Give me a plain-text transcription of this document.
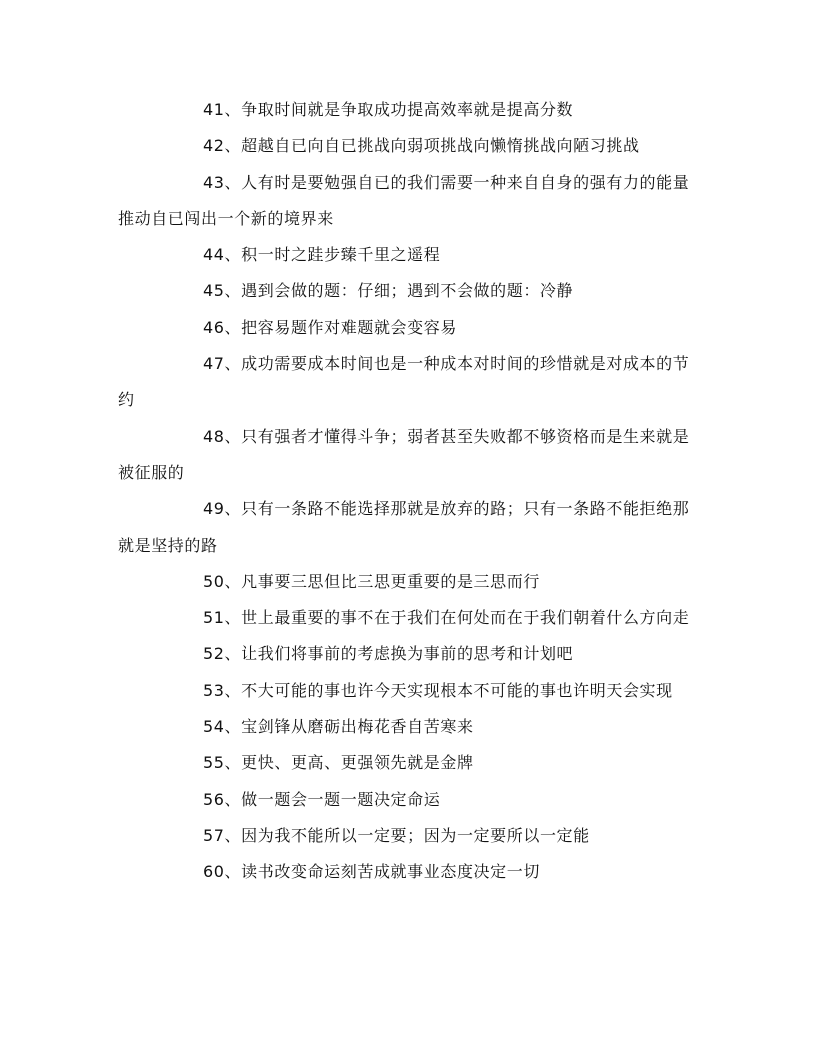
41、争取时间就是争取成功提高效率就是提高分数

42、超越自已向自已挑战向弱项挑战向懒惰挑战向陋习挑战

43、人有时是要勉强自已的我们需要一种来自自身的强有力的能量推动自已闯出一个新的境界来

44、积一时之跬步臻千里之遥程

45、遇到会做的题：仔细；遇到不会做的题：冷静

46、把容易题作对难题就会变容易

47、成功需要成本时间也是一种成本对时间的珍惜就是对成本的节约

48、只有强者才懂得斗争；弱者甚至失败都不够资格而是生来就是被征服的

49、只有一条路不能选择那就是放弃的路；只有一条路不能拒绝那就是坚持的路

50、凡事要三思但比三思更重要的是三思而行

51、世上最重要的事不在于我们在何处而在于我们朝着什么方向走

52、让我们将事前的考虑换为事前的思考和计划吧

53、不大可能的事也许今天实现根本不可能的事也许明天会实现

54、宝剑锋从磨砺出梅花香自苦寒来

55、更快、更高、更强领先就是金牌

56、做一题会一题一题决定命运

57、因为我不能所以一定要；因为一定要所以一定能

60、读书改变命运刻苦成就事业态度决定一切
